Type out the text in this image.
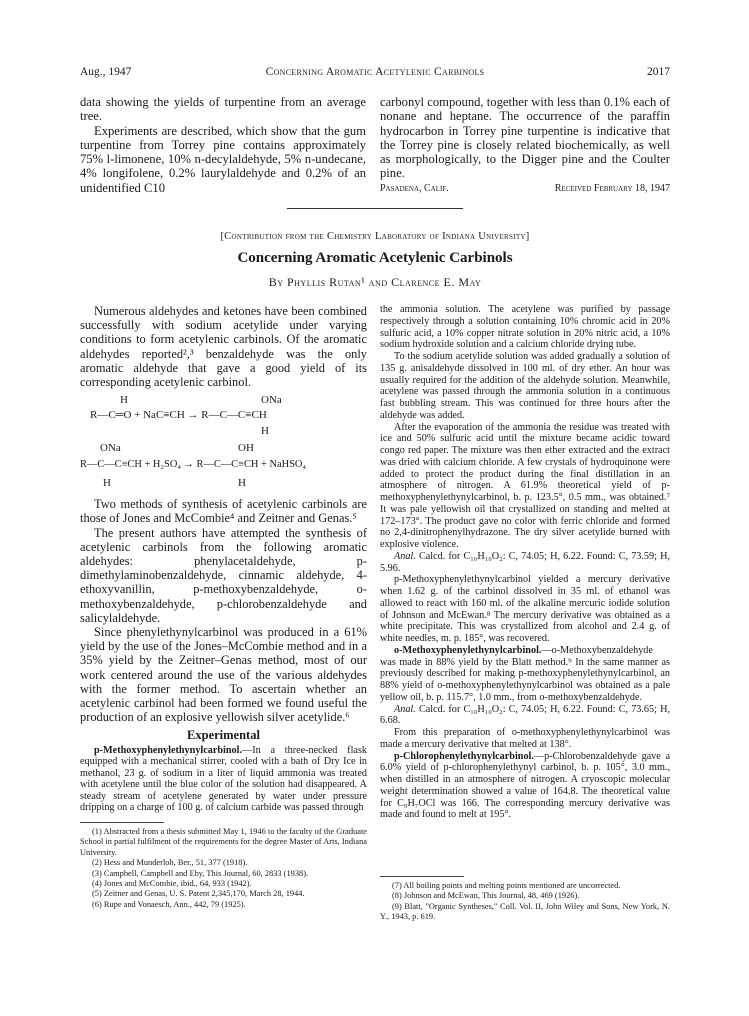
Aug., 1947	Concerning Aromatic Acetylenic Carbinols	2017
data showing the yields of turpentine from an average tree.
Experiments are described, which show that the gum turpentine from Torrey pine contains approximately 75% l-limonene, 10% n-decylaldehyde, 5% n-undecane, 4% longifolene, 0.2% laurylaldehyde and 0.2% of an unidentified C10
carbonyl compound, together with less than 0.1% each of nonane and heptane. The occurrence of the paraffin hydrocarbon in Torrey pine turpentine is indicative that the Torrey pine is closely related biochemically, as well as morphologically, to the Digger pine and the Coulter pine.
Pasadena, Calif.	Received February 18, 1947
[Contribution from the Chemistry Laboratory of Indiana University]
Concerning Aromatic Acetylenic Carbinols
By Phyllis Rutan¹ and Clarence E. May

Numerous aldehydes and ketones have been combined successfully with sodium acetylide under varying conditions to form acetylenic carbinols. Of the aromatic aldehydes reported²,³ benzaldehyde was the only aromatic aldehyde that gave a good yield of its corresponding acetylenic carbinol.

H	ONa
R—C═O + NaC≡CH → R—C—C≡CH
H
ONa	OH
R—C—C≡CH + H₂SO₄ → R—C—C≡CH + NaHSO₄
H	H

Two methods of synthesis of acetylenic carbinols are those of Jones and McCombie⁴ and Zeitner and Genas.⁵

The present authors have attempted the synthesis of acetylenic carbinols from the following aromatic aldehydes: phenylacetaldehyde, p-dimethylaminobenzaldehyde, cinnamic aldehyde, 4-ethoxyvanillin, p-methoxybenzaldehyde, o-methoxybenzaldehyde, p-chlorobenzaldehyde and salicylaldehyde.

Since phenylethynylcarbinol was produced in a 61% yield by the use of the Jones–McCombie method and in a 35% yield by the Zeitner–Genas method, most of our work centered around the use of the various aldehydes with the former method. To ascertain whether an acetylenic carbinol had been formed we found useful the production of an explosive yellowish silver acetylide.⁶

Experimental

p-Methoxyphenylethynylcarbinol.—In a three-necked flask equipped with a mechanical stirrer, cooled with a bath of Dry Ice in methanol, 23 g. of sodium in a liter of liquid ammonia was treated with acetylene until the blue color of the solution had disappeared. A steady stream of acetylene generated by water under pressure dripping on a charge of 100 g. of calcium carbide was passed through

the ammonia solution. The acetylene was purified by passage respectively through a solution containing 10% chromic acid in 20% sulfuric acid, a 10% copper nitrate solution in 20% nitric acid, a 10% sodium hydroxide solution and a calcium chloride drying tube.

To the sodium acetylide solution was added gradually a solution of 135 g. anisaldehyde dissolved in 100 ml. of dry ether. An hour was usually required for the addition of the aldehyde solution. Meanwhile, acetylene was passed through the ammonia solution in a continuous fast bubbling stream. This was continued for three hours after the aldehyde was added.

After the evaporation of the ammonia the residue was treated with ice and 50% sulfuric acid until the mixture became acidic toward congo red paper. The mixture was then ether extracted and the extract was dried with calcium chloride. A few crystals of hydroquinone were added to protect the product during the final distillation in an atmosphere of nitrogen. A 61.9% theoretical yield of p-methoxyphenylethynylcarbinol, b. p. 123.5°, 0.5 mm., was obtained.⁷ It was pale yellowish oil that crystallized on standing and melted at 172–173°. The product gave no color with ferric chloride and formed no 2,4-dinitrophenylhydrazone. The dry silver acetylide burned with explosive violence.

Anal. Calcd. for C₁₀H₁₀O₂: C, 74.05; H, 6.22. Found: C, 73.59; H, 5.96.

p-Methoxyphenylethynylcarbinol yielded a mercury derivative when 1.62 g. of the carbinol dissolved in 35 ml. of ethanol was allowed to react with 160 ml. of the alkaline mercuric iodide solution of Johnson and McEwan.⁸ The mercury derivative was obtained as a white precipitate. This was crystallized from alcohol and 2.4 g. of white needles, m. p. 185°, was recovered.

o-Methoxyphenylethynylcarbinol.—o-Methoxybenzaldehyde was made in 88% yield by the Blatt method.⁹ In the same manner as previously described for making p-methoxyphenylethynylcarbinol, an 88% yield of o-methoxyphenylethynylcarbinol was obtained as a pale yellow oil, b. p. 115.7°, 1.0 mm., from o-methoxybenzaldehyde.

Anal. Calcd. for C₁₀H₁₀O₂: C, 74.05; H, 6.22. Found: C, 73.65; H, 6.68.

From this preparation of o-methoxyphenylethynylcarbinol was made a mercury derivative that melted at 138°.

p-Chlorophenylethynylcarbinol.—p-Chlorobenzaldehyde gave a 6.0% yield of p-chlorophenylethynyl carbinol, b. p. 105°, 3.0 mm., when distilled in an atmosphere of nitrogen. A cryoscopic molecular weight determination showed a value of 164.8. The theoretical value for C₉H₇OCl was 166. The corresponding mercury derivative was made and found to melt at 195°.

(1) Abstracted from a thesis submitted May 1, 1946 to the faculty of the Graduate School in partial fulfilment of the requirements for the degree Master of Arts, Indiana University.

(2) Hess and Munderloh, Ber., 51, 377 (1918).

(3) Campbell, Campbell and Eby, This Journal, 60, 2833 (1938).

(4) Jones and McCombie, ibid., 64, 933 (1942).

(5) Zeitner and Genas, U. S. Patent 2,345,170, March 28, 1944.

(6) Rupe and Vonaesch, Ann., 442, 79 (1925).

(7) All boiling points and melting points mentioned are uncorrected.

(8) Johnson and McEwan, This Journal, 48, 469 (1926).

(9) Blatt, "Organic Syntheses," Coll. Vol. II, John Wiley and Sons, New York, N. Y., 1943, p. 619.
